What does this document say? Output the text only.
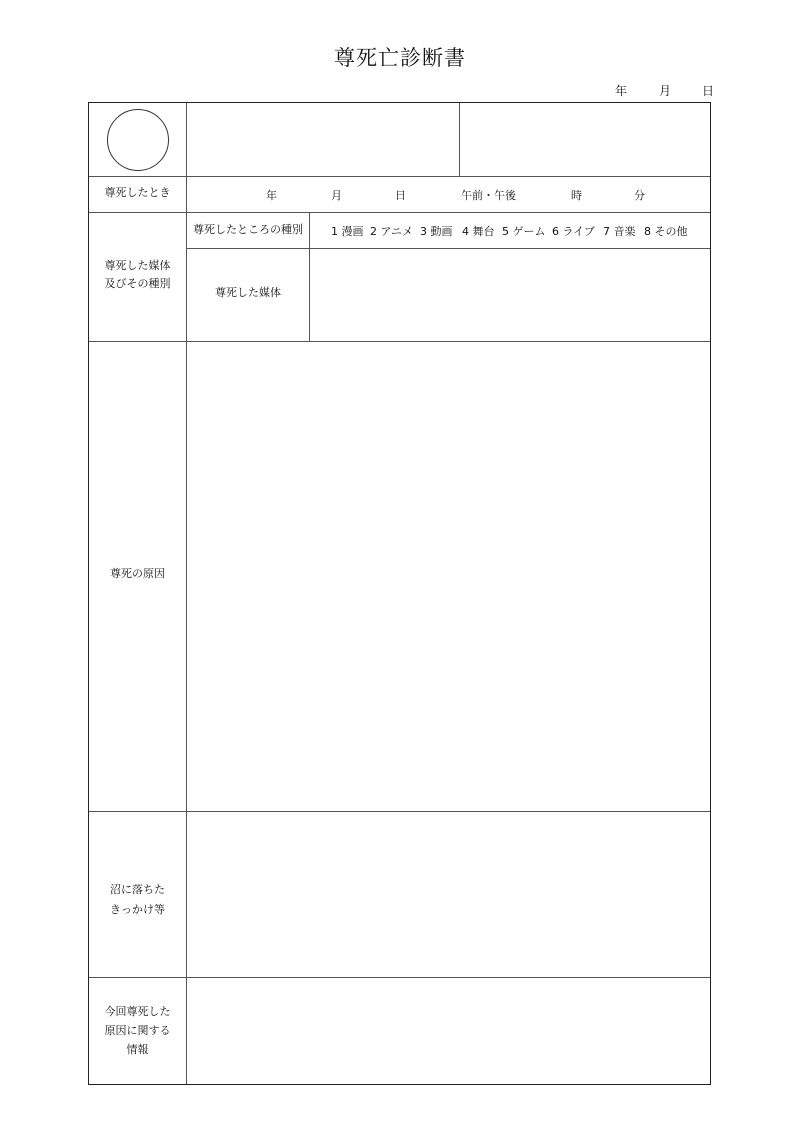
尊死亡診断書
年	月	日
尊死したとき	年	月	日	午前・午後	時	分
尊死した媒体
及びその種別
尊死したところの種別	1 漫画 2 アニメ 3 動画 4 舞台 5 ゲーム 6 ライブ 7 音楽 8 その他
尊死した媒体
尊死の原因
沼に落ちた
きっかけ等
今回尊死した
原因に関する
情報
